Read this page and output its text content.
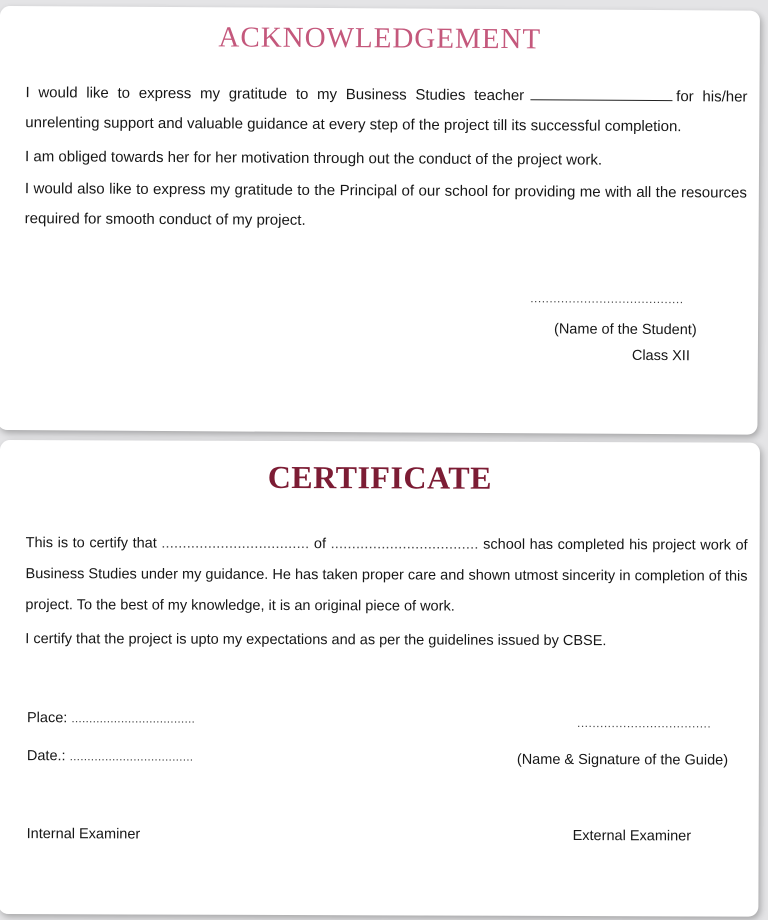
ACKNOWLEDGEMENT

I would like to express my gratitude to my Business Studies teacher	for his/her unrelenting support and valuable guidance at every step of the project till its successful completion.

I am obliged towards her for her motivation through out the conduct of the project work.

I would also like to express my gratitude to the Principal of our school for providing me with all the resources required for smooth conduct of my project.

........................................
(Name of the Student)
Class XII
CERTIFICATE

This is to certify that ................................... of ................................... school has completed his project work of Business Studies under my guidance. He has taken proper care and shown utmost sincerity in completion of this project. To the best of my knowledge, it is an original piece of work.

I certify that the project is upto my expectations and as per the guidelines issued by CBSE.

Place: ...................................	...................................
Date.: ...................................	(Name & Signature of the Guide)
Internal Examiner	External Examiner
